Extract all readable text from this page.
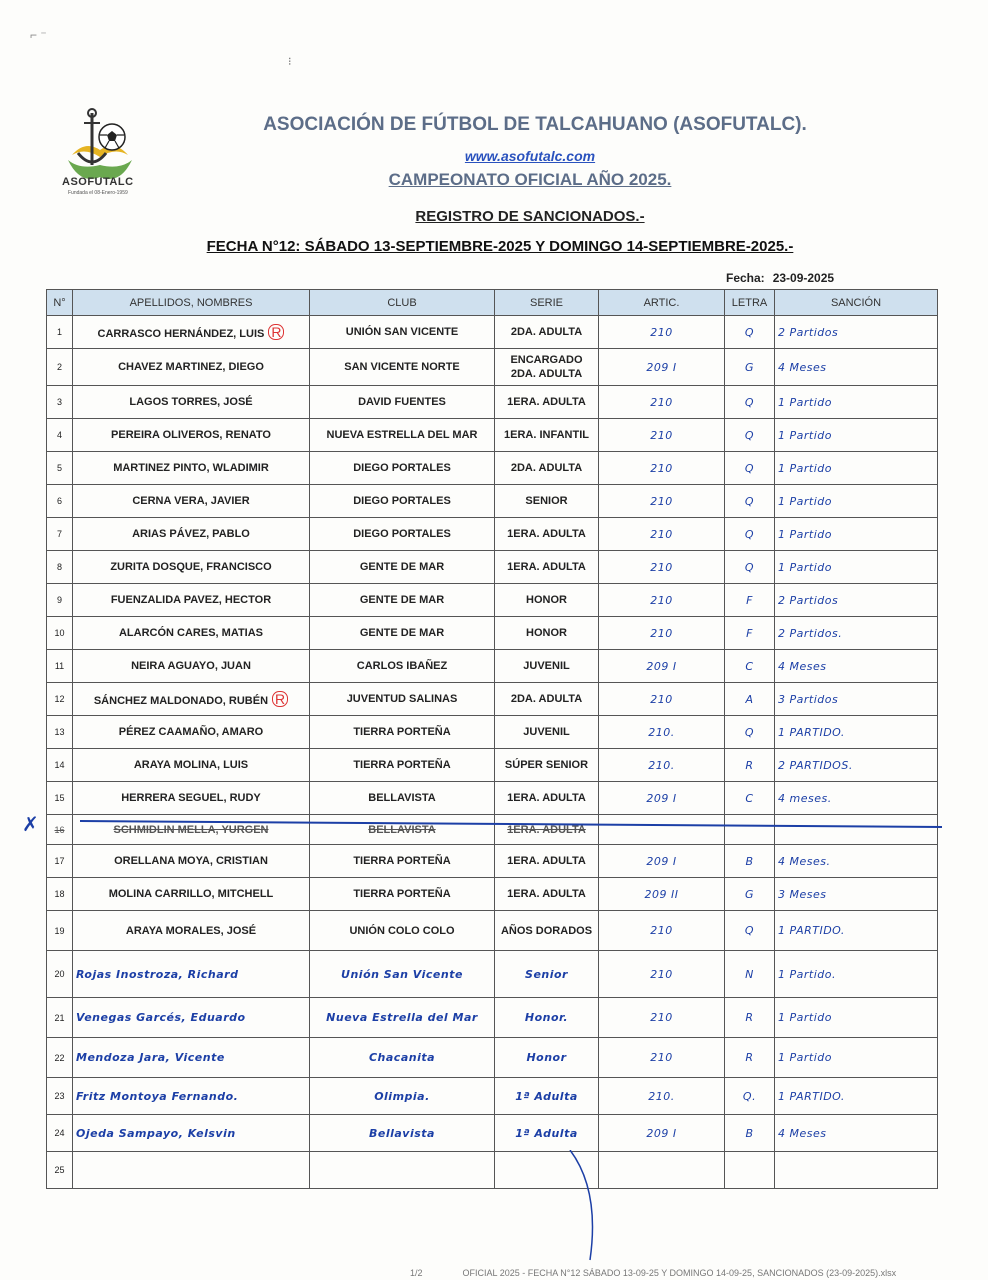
⌐ ⁻
⁝
ASOFUTALC
Fundada el 08-Enero-1959
ASOCIACIÓN DE FÚTBOL DE TALCAHUANO (ASOFUTALC).
www.asofutalc.com
CAMPEONATO OFICIAL AÑO 2025.
REGISTRO DE SANCIONADOS.-
FECHA N°12: SÁBADO 13-SEPTIEMBRE-2025 Y DOMINGO 14-SEPTIEMBRE-2025.-
Fecha: 23-09-2025
N°	APELLIDOS, NOMBRES	CLUB	SERIE	ARTIC.	LETRA	SANCIÓN
1	CARRASCO HERNÁNDEZ, LUIS R	UNIÓN SAN VICENTE	2DA. ADULTA	210	Q	2 Partidos
2	CHAVEZ MARTINEZ, DIEGO	SAN VICENTE NORTE	ENCARGADO 2DA. ADULTA	209 I	G	4 Meses
3	LAGOS TORRES, JOSÉ	DAVID FUENTES	1ERA. ADULTA	210	Q	1 Partido
4	PEREIRA OLIVEROS, RENATO	NUEVA ESTRELLA DEL MAR	1ERA. INFANTIL	210	Q	1 Partido
5	MARTINEZ PINTO, WLADIMIR	DIEGO PORTALES	2DA. ADULTA	210	Q	1 Partido
6	CERNA VERA, JAVIER	DIEGO PORTALES	SENIOR	210	Q	1 Partido
7	ARIAS PÁVEZ, PABLO	DIEGO PORTALES	1ERA. ADULTA	210	Q	1 Partido
8	ZURITA DOSQUE, FRANCISCO	GENTE DE MAR	1ERA. ADULTA	210	Q	1 Partido
9	FUENZALIDA PAVEZ, HECTOR	GENTE DE MAR	HONOR	210	F	2 Partidos
10	ALARCÓN CARES, MATIAS	GENTE DE MAR	HONOR	210	F	2 Partidos.
11	NEIRA AGUAYO, JUAN	CARLOS IBAÑEZ	JUVENIL	209 I	C	4 Meses
12	SÁNCHEZ MALDONADO, RUBÉN R	JUVENTUD SALINAS	2DA. ADULTA	210	A	3 Partidos
13	PÉREZ CAAMAÑO, AMARO	TIERRA PORTEÑA	JUVENIL	210.	Q	1 PARTIDO.
14	ARAYA MOLINA, LUIS	TIERRA PORTEÑA	SÚPER SENIOR	210.	R	2 PARTIDOS.
15	HERRERA SEGUEL, RUDY	BELLAVISTA	1ERA. ADULTA	209 I	C	4 meses.
16	SCHMIDLIN MELLA, YURGEN	BELLAVISTA	1ERA. ADULTA			
17	ORELLANA MOYA, CRISTIAN	TIERRA PORTEÑA	1ERA. ADULTA	209 I	B	4 Meses.
18	MOLINA CARRILLO, MITCHELL	TIERRA PORTEÑA	1ERA. ADULTA	209 II	G	3 Meses
19	ARAYA MORALES, JOSÉ	UNIÓN COLO COLO	AÑOS DORADOS	210	Q	1 PARTIDO.
20	Rojas Inostroza, Richard	Unión San Vicente	Senior	210	N	1 Partido.
21	Venegas Garcés, Eduardo	Nueva Estrella del Mar	Honor.	210	R	1 Partido
22	Mendoza Jara, Vicente	Chacanita	Honor	210	R	1 Partido
23	Fritz Montoya Fernando.	Olimpia.	1ª Adulta	210.	Q.	1 PARTIDO.
24	Ojeda Sampayo, Kelsvin	Bellavista	1ª Adulta	209 I	B	4 Meses
25						
✗
1/2	OFICIAL 2025 - FECHA N°12 SÁBADO 13-09-25 Y DOMINGO 14-09-25, SANCIONADOS (23-09-2025).xlsx
